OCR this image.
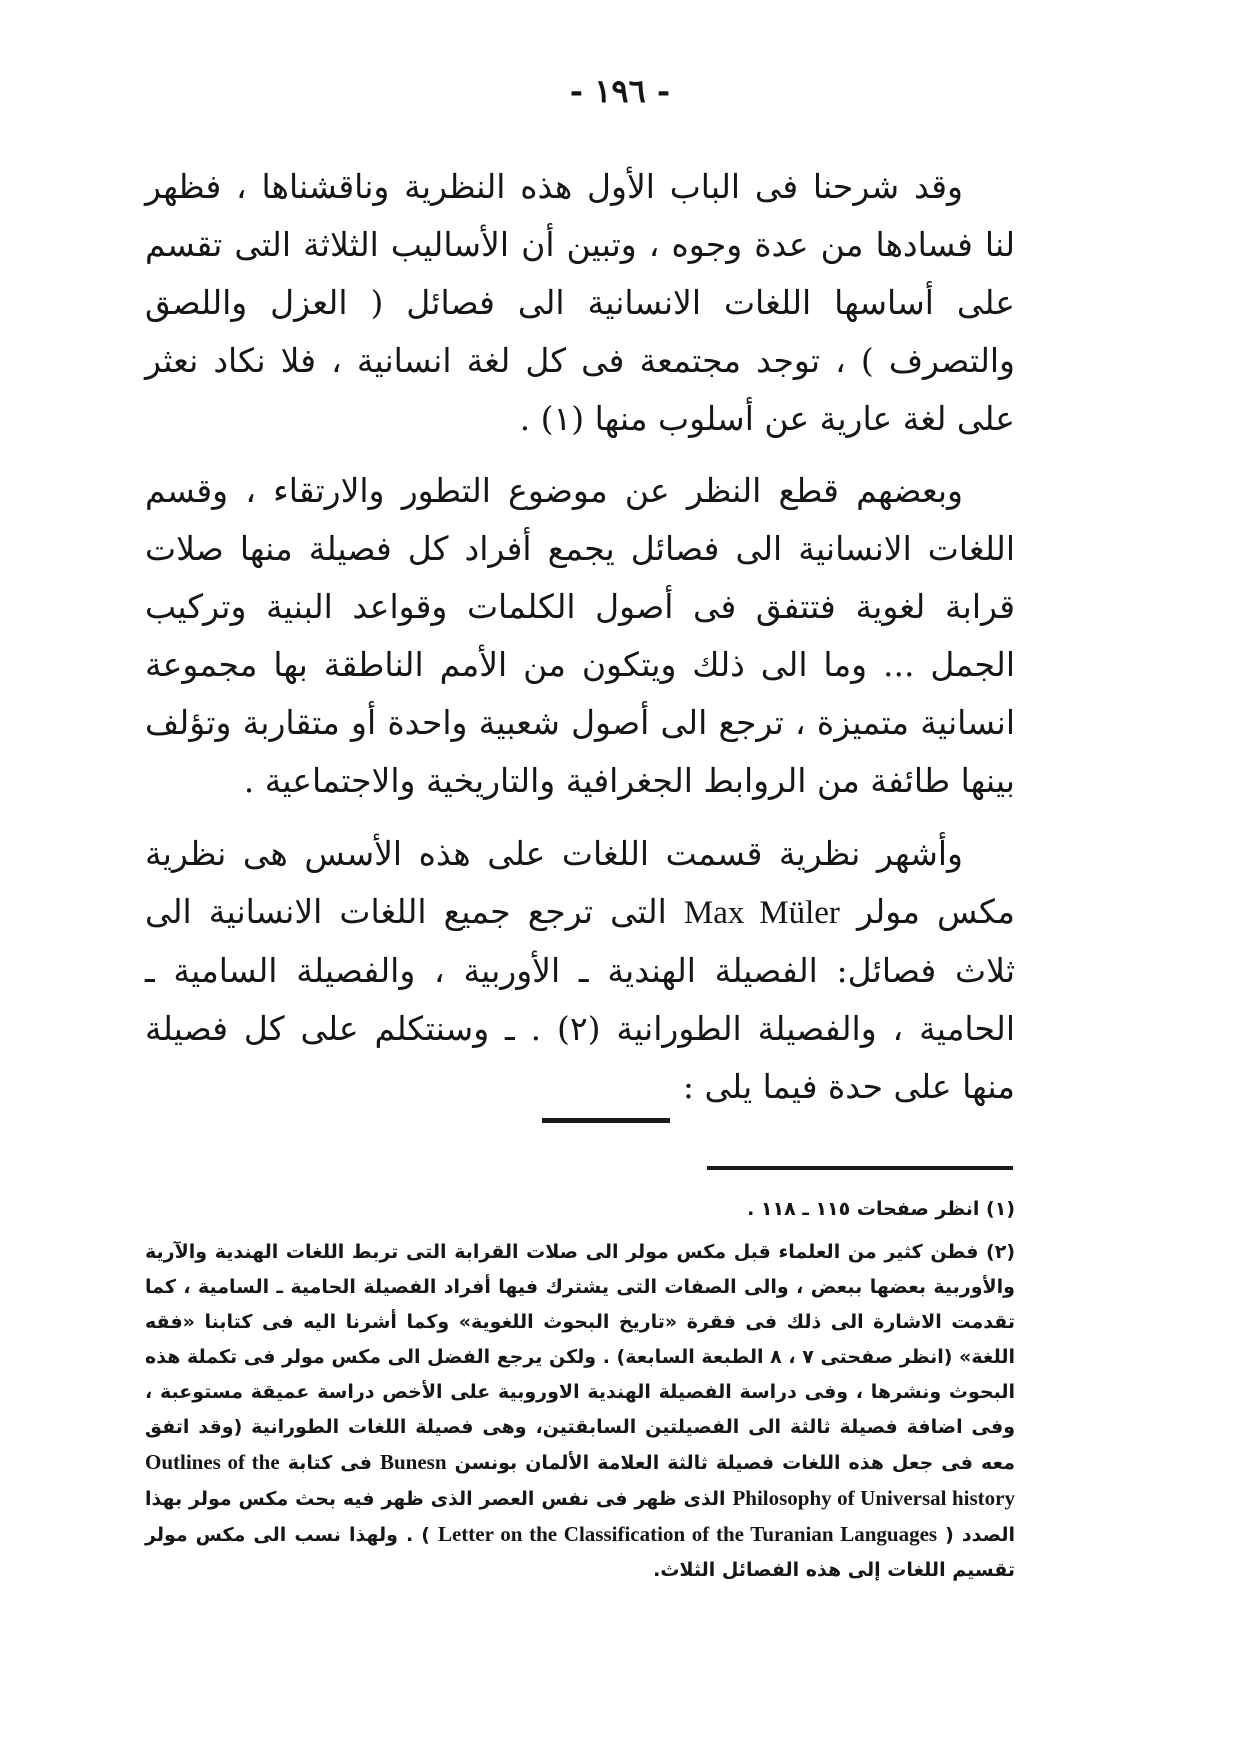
- ١٩٦ -

وقد شرحنا فى الباب الأول هذه النظرية وناقشناها ، فظهر لنا فسادها من عدة وجوه ، وتبين أن الأساليب الثلاثة التى تقسم على أساسها اللغات الانسانية الى فصائل ( العزل واللصق والتصرف ) ، توجد مجتمعة فى كل لغة انسانية ، فلا نكاد نعثر على لغة عارية عن أسلوب منها (١) .

وبعضهم قطع النظر عن موضوع التطور والارتقاء ، وقسم اللغات الانسانية الى فصائل يجمع أفراد كل فصيلة منها صلات قرابة لغوية فتتفق فى أصول الكلمات وقواعد البنية وتركيب الجمل ... وما الى ذلك ويتكون من الأمم الناطقة بها مجموعة انسانية متميزة ، ترجع الى أصول شعبية واحدة أو متقاربة وتؤلف بينها طائفة من الروابط الجغرافية والتاريخية والاجتماعية .

وأشهر نظرية قسمت اللغات على هذه الأسس هى نظرية مكس مولر Max Müler التى ترجع جميع اللغات الانسانية الى ثلاث فصائل: الفصيلة الهندية ـ الأوربية ، والفصيلة السامية ـ الحامية ، والفصيلة الطورانية (٢) . ـ وسنتكلم على كل فصيلة منها على حدة فيما يلى :

(١) انظر صفحات ١١٥ ـ ١١٨ .

(٢) فطن كثير من العلماء قبل مكس مولر الى صلات القرابة التى تربط اللغات الهندية والآرية والأوربية بعضها ببعض ، والى الصفات التى يشترك فيها أفراد الفصيلة الحامية ـ السامية ، كما تقدمت الاشارة الى ذلك فى فقرة «تاريخ البحوث اللغوية» وكما أشرنا اليه فى كتابنا «فقه اللغة» (انظر صفحتى ٧ ، ٨ الطبعة السابعة) . ولكن يرجع الفضل الى مكس مولر فى تكملة هذه البحوث ونشرها ، وفى دراسة الفصيلة الهندية الاوروبية على الأخص دراسة عميقة مستوعبة ، وفى اضافة فصيلة ثالثة الى الفصيلتين السابقتين، وهى فصيلة اللغات الطورانية (وقد اتفق معه فى جعل هذه اللغات فصيلة ثالثة العلامة الألمان بونسن Bunesn فى كتابة Outlines of the Philosophy of Universal history الذى ظهر فى نفس العصر الذى ظهر فيه بحث مكس مولر بهذا الصدد ( Letter on the Classification of the Turanian Languages ) . ولهذا نسب الى مكس مولر تقسيم اللغات إلى هذه الفصائل الثلاث.
